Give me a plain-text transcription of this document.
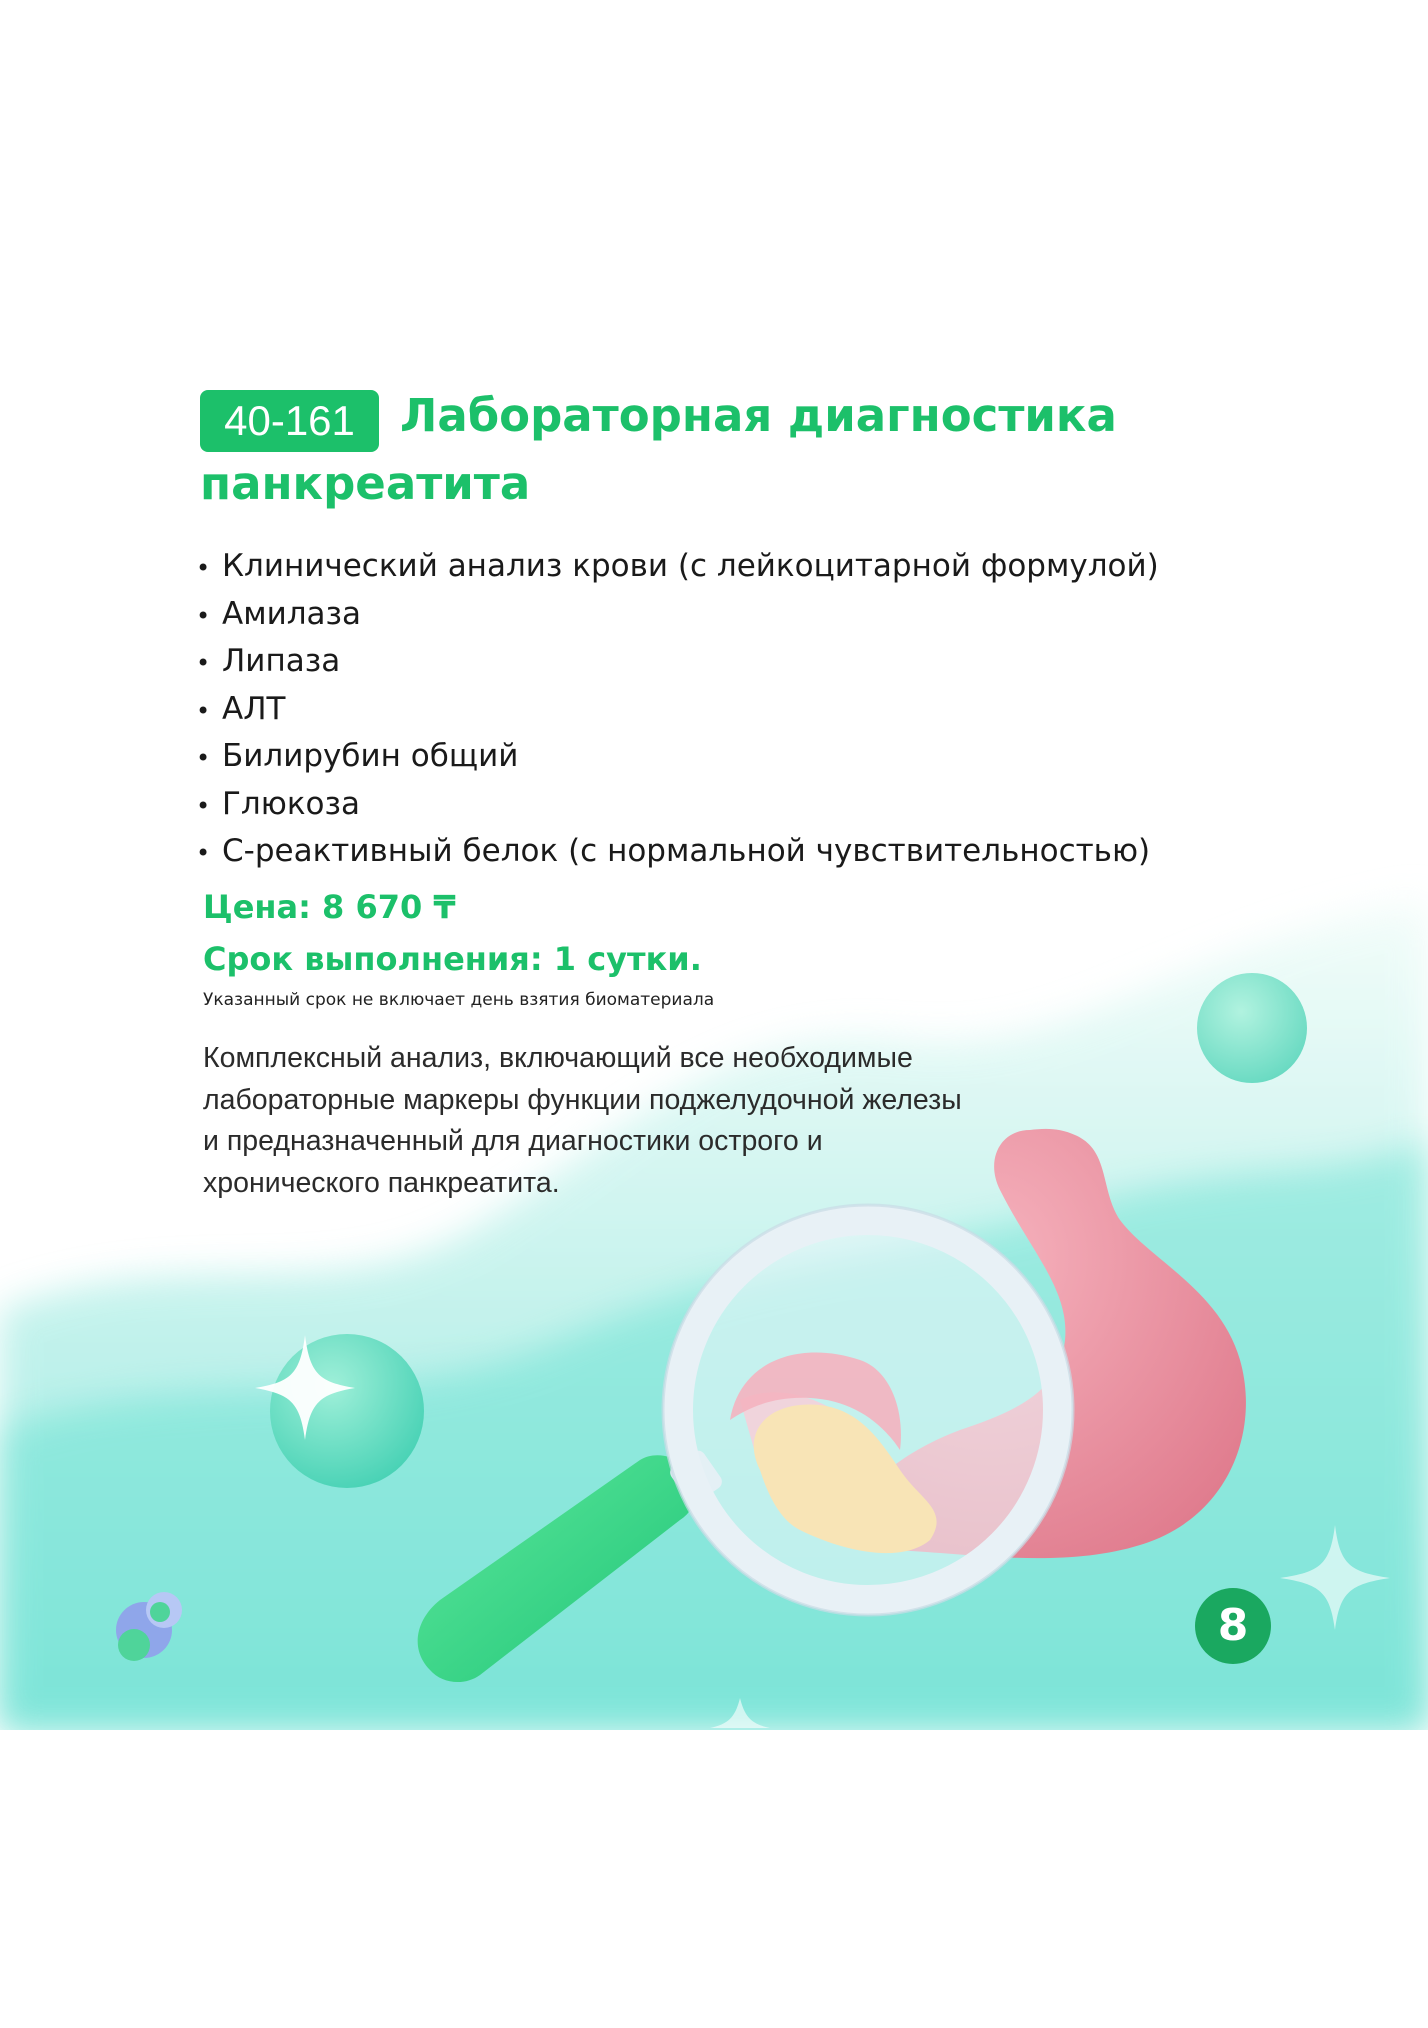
40-161	Лабораторная диагностика панкреатита
• Клинический анализ крови (с лейкоцитарной формулой)
• Амилаза
• Липаза
• АЛТ
• Билирубин общий
• Глюкоза
• С-реактивный белок (с нормальной чувствительностью)

Цена: 8 670 ₸

Срок выполнения: 1 сутки.

Указанный срок не включает день взятия биоматериала

Комплексный анализ, включающий все необходимые лабораторные маркеры функции поджелудочной железы и предназначенный для диагностики острого и хронического панкреатита.

8
